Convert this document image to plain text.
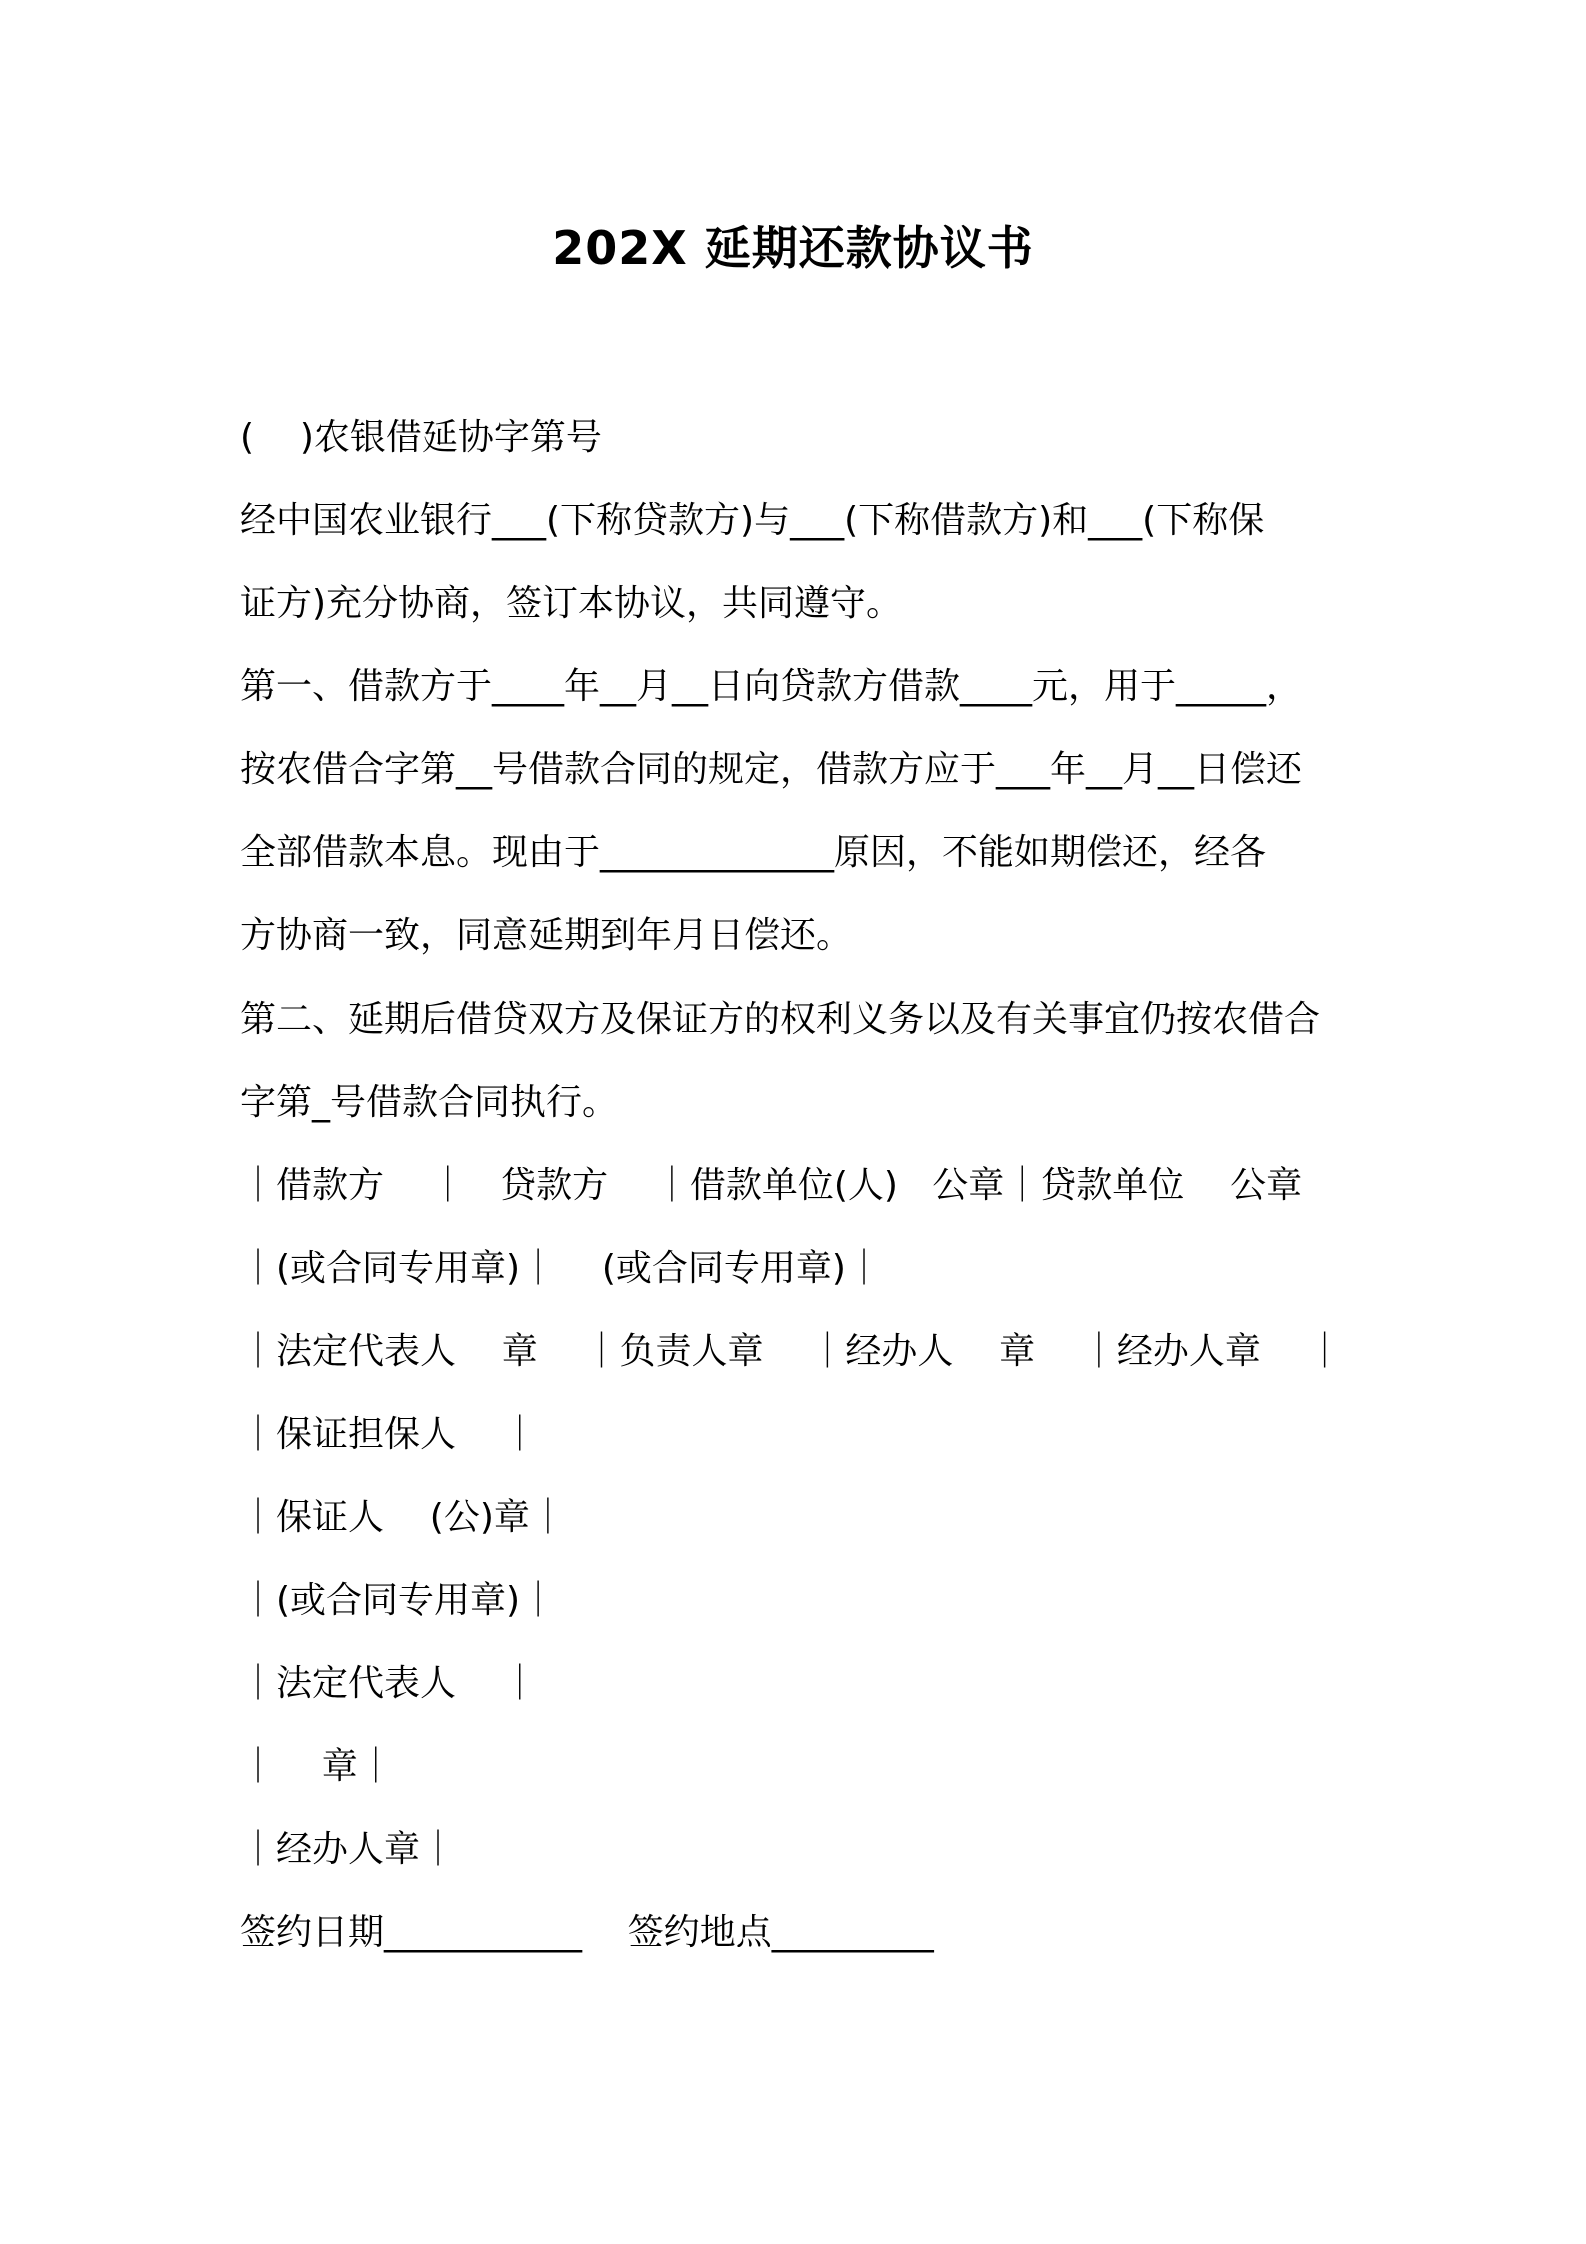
202X 延期还款协议书
(    )农银借延协字第号
经中国农业银行___(下称贷款方)与___(下称借款方)和___(下称保
证方)充分协商，签订本协议，共同遵守。
第一、借款方于____年__月__日向贷款方借款____元，用于_____，
按农借合字第__号借款合同的规定，借款方应于___年__月__日偿还
全部借款本息。现由于_____________原因，不能如期偿还，经各
方协商一致，同意延期到年月日偿还。
第二、延期后借贷双方及保证方的权利义务以及有关事宜仍按农借合
字第_号借款合同执行。
｜借款方    ｜   贷款方    ｜借款单位(人)   公章｜贷款单位    公章
｜(或合同专用章)｜    (或合同专用章)｜
｜法定代表人    章    ｜负责人章    ｜经办人    章    ｜经办人章    ｜
｜保证担保人    ｜
｜保证人    (公)章｜
｜(或合同专用章)｜
｜法定代表人    ｜
｜    章｜
｜经办人章｜
签约日期___________    签约地点_________
